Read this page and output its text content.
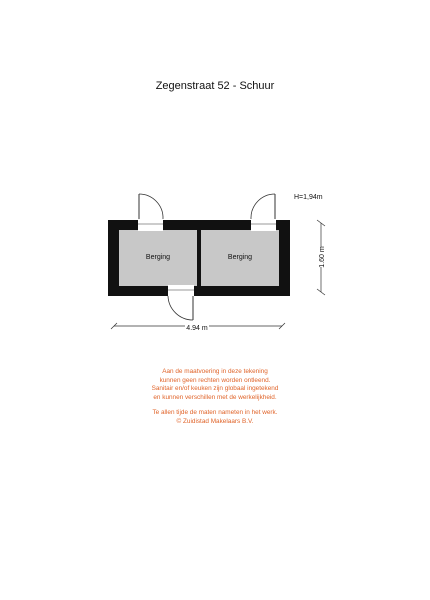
Zegenstraat 52 - Schuur
Berging	Berging
H=1,94m
1.60 m
4.94 m
Aan de maatvoering in deze tekening
kunnen geen rechten worden ontleend.
Sanitair en/of keuken zijn globaal ingetekend
en kunnen verschillen met de werkelijkheid.
Te allen tijde de maten nameten in het werk.
© Zuidistad Makelaars B.V.
